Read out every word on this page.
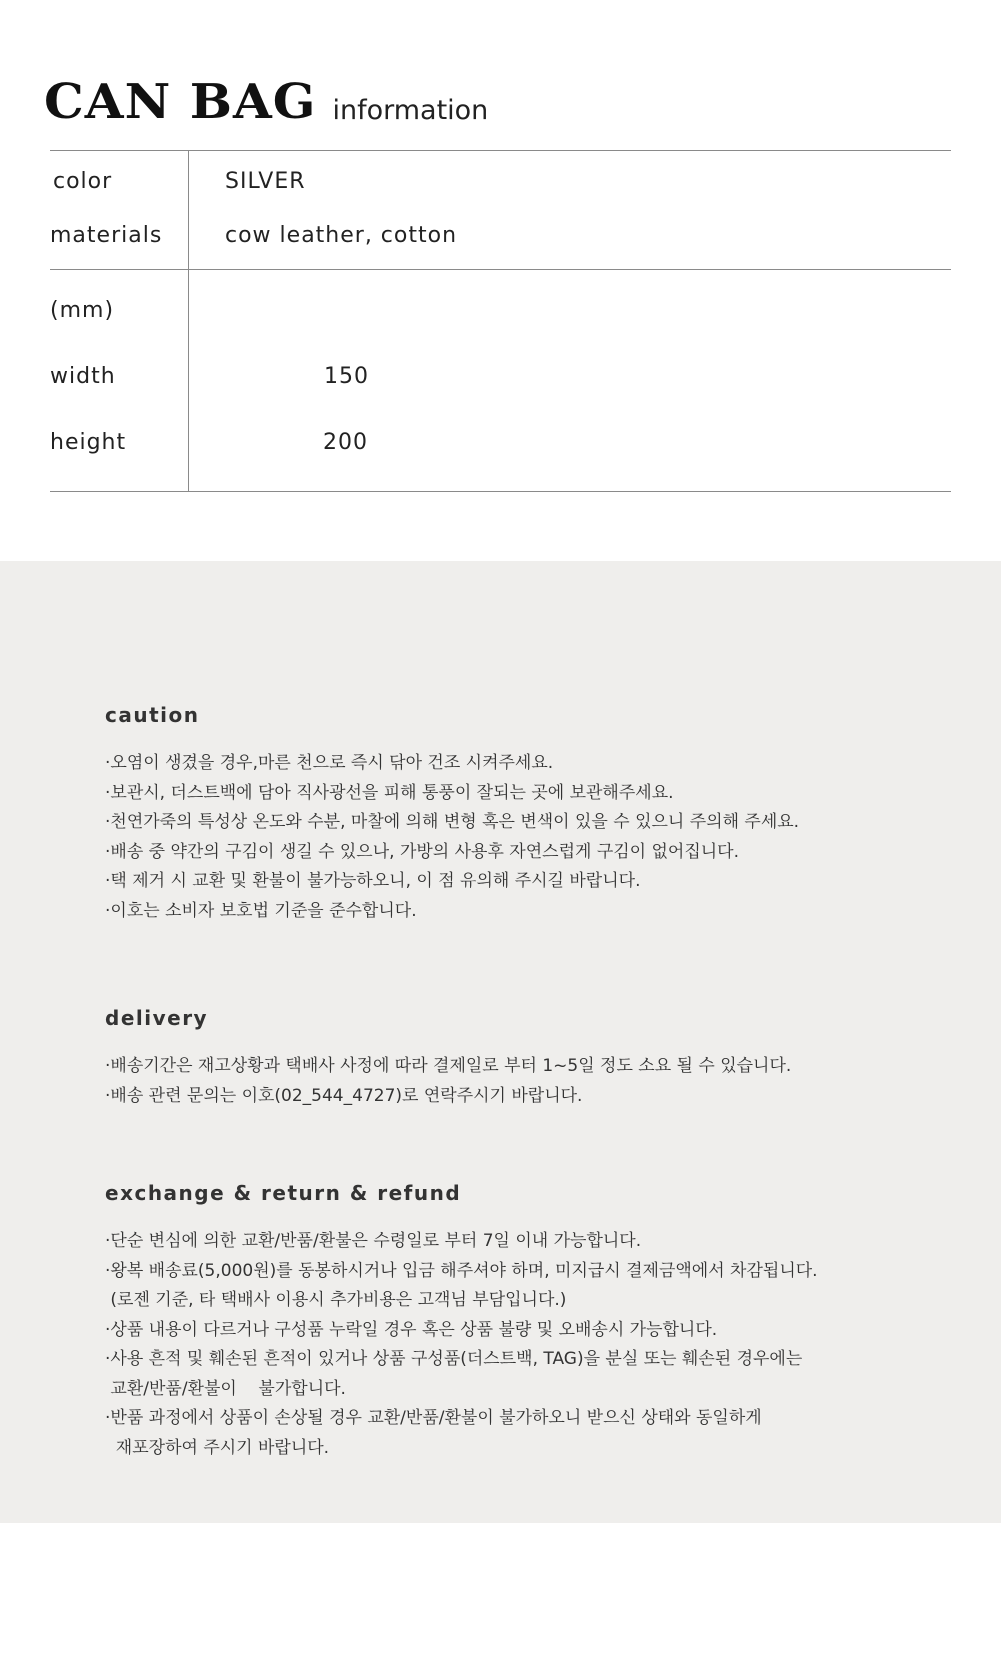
CAN BAG information
color	SILVER
materials	cow leather, cotton
(mm)
width	150
height	200

caution

·오염이 생겼을 경우,마른 천으로 즉시 닦아 건조 시켜주세요.

·보관시, 더스트백에 담아 직사광선을 피해 통풍이 잘되는 곳에 보관해주세요.

·천연가죽의 특성상 온도와 수분, 마찰에 의해 변형 혹은 변색이 있을 수 있으니 주의해 주세요.

·배송 중 약간의 구김이 생길 수 있으나, 가방의 사용후 자연스럽게 구김이 없어집니다.

·택 제거 시 교환 및 환불이 불가능하오니, 이 점 유의해 주시길 바랍니다.

·이호는 소비자 보호법 기준을 준수합니다.

delivery

·배송기간은 재고상황과 택배사 사정에 따라 결제일로 부터 1~5일 정도 소요 될 수 있습니다.

·배송 관련 문의는 이호(02_544_4727)로 연락주시기 바랍니다.

exchange & return & refund

·단순 변심에 의한 교환/반품/환불은 수령일로 부터 7일 이내 가능합니다.

·왕복 배송료(5,000원)를 동봉하시거나 입금 해주셔야 하며, 미지급시 결제금액에서 차감됩니다.

(로젠 기준, 타 택배사 이용시 추가비용은 고객님 부담입니다.)

·상품 내용이 다르거나 구성품 누락일 경우 혹은 상품 불량 및 오배송시 가능합니다.

·사용 흔적 및 훼손된 흔적이 있거나 상품 구성품(더스트백, TAG)을 분실 또는 훼손된 경우에는

교환/반품/환불이    불가합니다.

·반품 과정에서 상품이 손상될 경우 교환/반품/환불이 불가하오니 받으신 상태와 동일하게

재포장하여 주시기 바랍니다.
